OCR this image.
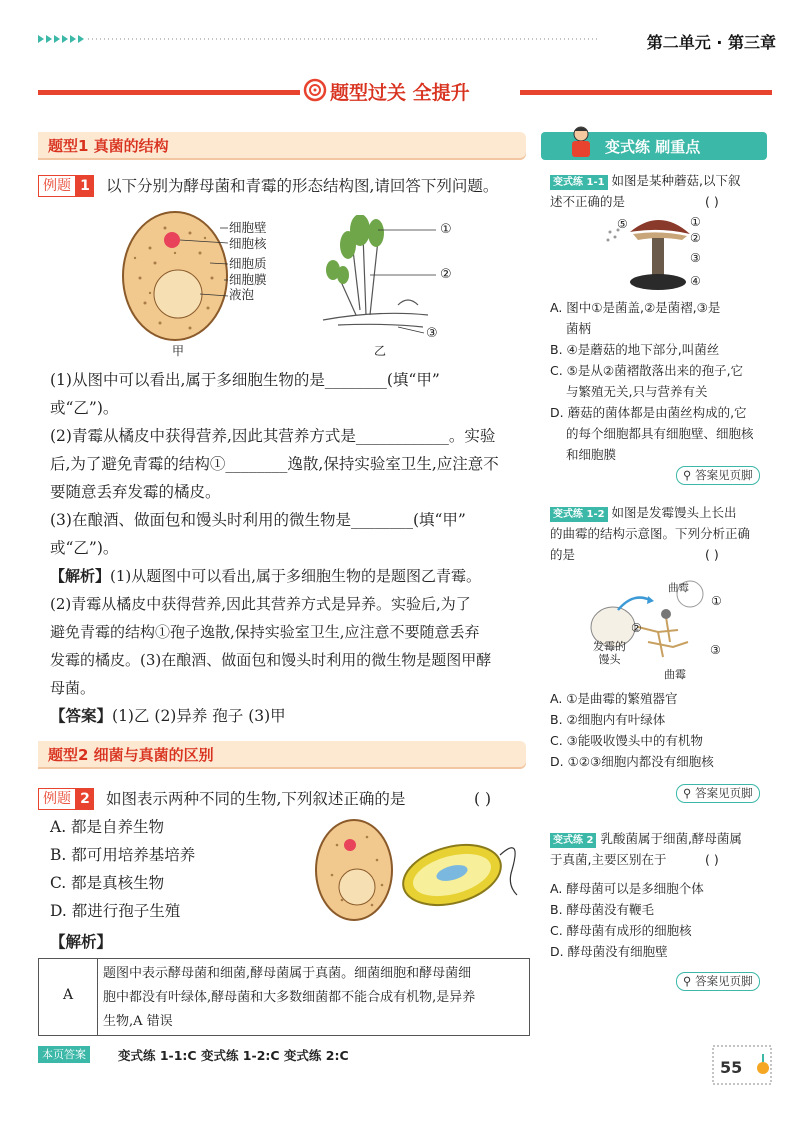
第二单元 · 第三章
题型过关 全提升
题型1 真菌的结构
例题 1 以下分别为酵母菌和青霉的形态结构图,请回答下列问题。
细胞壁
细胞核
细胞质
细胞膜
液泡
甲
①
②
③
乙
(1)从图中可以看出,属于多细胞生物的是________(填“甲”
或“乙”)。
(2)青霉从橘皮中获得营养,因此其营养方式是____________。实验
后,为了避免青霉的结构①________逸散,保持实验室卫生,应注意不
要随意丢弃发霉的橘皮。
(3)在酿酒、做面包和馒头时利用的微生物是________(填“甲”
或“乙”)。
【解析】(1)从题图中可以看出,属于多细胞生物的是题图乙青霉。
(2)青霉从橘皮中获得营养,因此其营养方式是异养。实验后,为了
避免青霉的结构①孢子逸散,保持实验室卫生,应注意不要随意丢弃
发霉的橘皮。(3)在酿酒、做面包和馒头时利用的微生物是题图甲酵
母菌。
【答案】(1)乙 (2)异养 孢子 (3)甲
题型2 细菌与真菌的区别
例题 2 如图表示两种不同的生物,下列叙述正确的是	( )
A. 都是自养生物
B. 都可用培养基培养
C. 都是真核生物
D. 都进行孢子生殖
【解析】
A
题图中表示酵母菌和细菌,酵母菌属于真菌。细菌细胞和酵母菌细
胞中都没有叶绿体,酵母菌和大多数细菌都不能合成有机物,是异养
生物,A 错误
变式练 刷重点
变式练 1-1 如图是某种蘑菇,以下叙
述不正确的是	( )
⑤	①
②
③
④
A. 图中①是菌盖,②是菌褶,③是
菌柄
B. ④是蘑菇的地下部分,叫菌丝
C. ⑤是从②菌褶散落出来的孢子,它
与繁殖无关,只与营养有关
D. 蘑菇的菌体都是由菌丝构成的,它
的每个细胞都具有细胞壁、细胞核
和细胞膜
⚲ 答案见页脚
变式练 1-2 如图是发霉馒头上长出
的曲霉的结构示意图。下列分析正确
的是	( )
曲霉
①
②
③
发霉的
馒头
曲霉
A. ①是曲霉的繁殖器官
B. ②细胞内有叶绿体
C. ③能吸收馒头中的有机物
D. ①②③细胞内都没有细胞核
⚲ 答案见页脚
变式练 2 乳酸菌属于细菌,酵母菌属
于真菌,主要区别在于	( )
A. 酵母菌可以是多细胞个体
B. 酵母菌没有鞭毛
C. 酵母菌有成形的细胞核
D. 酵母菌没有细胞壁
⚲ 答案见页脚
本页答案	变式练 1-1:C 变式练 1-2:C 变式练 2:C
55
